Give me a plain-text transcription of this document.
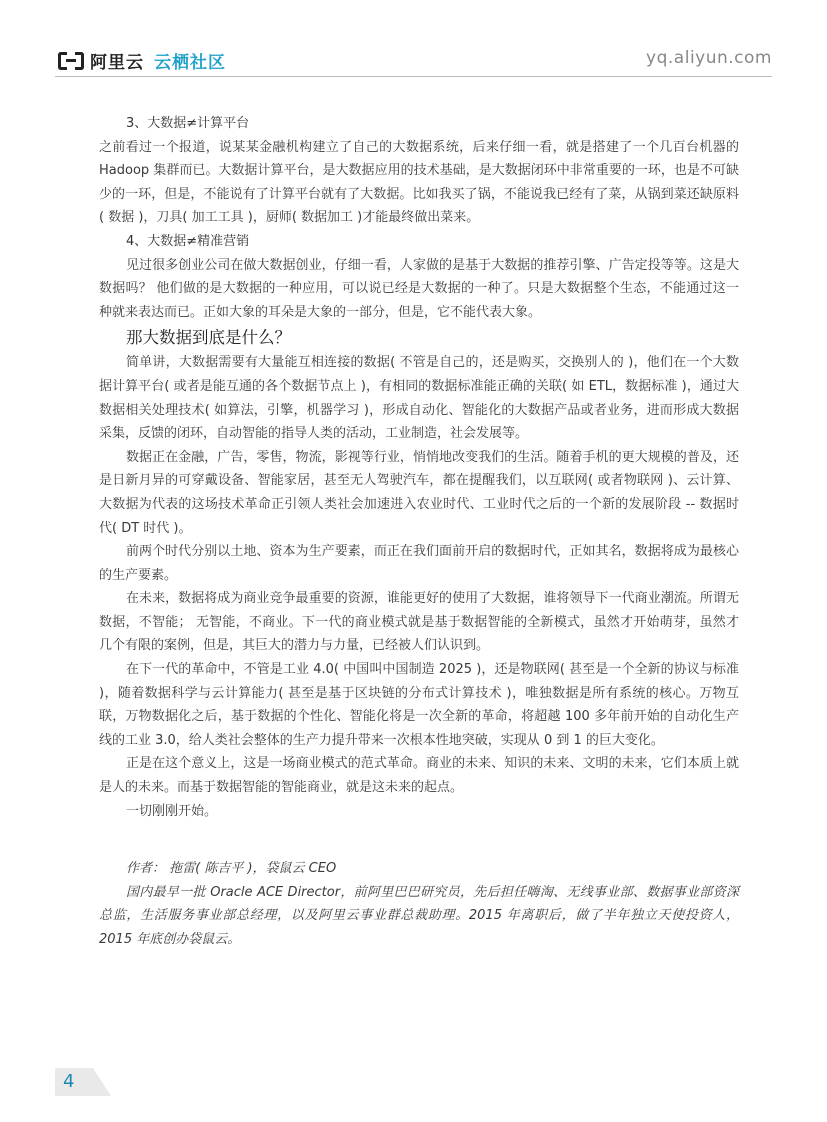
阿里云 云栖社区	yq.aliyun.com

3、大数据≠计算平台

之前看过一个报道，说某某金融机构建立了自己的大数据系统，后来仔细一看，就是搭建了一个几百台机器的 Hadoop 集群而已。大数据计算平台，是大数据应用的技术基础，是大数据闭环中非常重要的一环，也是不可缺少的一环，但是，不能说有了计算平台就有了大数据。比如我买了锅，不能说我已经有了菜，从锅到菜还缺原料( 数据 )，刀具( 加工工具 )，厨师( 数据加工 )才能最终做出菜来。

4、大数据≠精准营销

见过很多创业公司在做大数据创业，仔细一看，人家做的是基于大数据的推荐引擎、广告定投等等。这是大数据吗？ 他们做的是大数据的一种应用，可以说已经是大数据的一种了。只是大数据整个生态，不能通过这一种就来表达而已。正如大象的耳朵是大象的一部分，但是，它不能代表大象。

那大数据到底是什么？

简单讲，大数据需要有大量能互相连接的数据( 不管是自己的，还是购买，交换别人的 )，他们在一个大数据计算平台( 或者是能互通的各个数据节点上 )，有相同的数据标准能正确的关联( 如 ETL，数据标准 )，通过大数据相关处理技术( 如算法，引擎，机器学习 )，形成自动化、智能化的大数据产品或者业务，进而形成大数据采集，反馈的闭环，自动智能的指导人类的活动，工业制造，社会发展等。

数据正在金融，广告，零售，物流，影视等行业，悄悄地改变我们的生活。随着手机的更大规模的普及，还是日新月异的可穿戴设备、智能家居，甚至无人驾驶汽车，都在提醒我们，以互联网( 或者物联网 )、云计算、大数据为代表的这场技术革命正引领人类社会加速进入农业时代、工业时代之后的一个新的发展阶段 -- 数据时代( DT 时代 )。

前两个时代分别以土地、资本为生产要素，而正在我们面前开启的数据时代，正如其名，数据将成为最核心的生产要素。

在未来，数据将成为商业竞争最重要的资源，谁能更好的使用了大数据，谁将领导下一代商业潮流。所谓无数据，不智能； 无智能，不商业。下一代的商业模式就是基于数据智能的全新模式，虽然才开始萌芽，虽然才几个有限的案例，但是，其巨大的潜力与力量，已经被人们认识到。

在下一代的革命中，不管是工业 4.0( 中国叫中国制造 2025 )，还是物联网( 甚至是一个全新的协议与标准 )，随着数据科学与云计算能力( 甚至是基于区块链的分布式计算技术 )，唯独数据是所有系统的核心。万物互联，万物数据化之后，基于数据的个性化、智能化将是一次全新的革命，将超越 100 多年前开始的自动化生产线的工业 3.0，给人类社会整体的生产力提升带来一次根本性地突破，实现从 0 到 1 的巨大变化。

正是在这个意义上，这是一场商业模式的范式革命。商业的未来、知识的未来、文明的未来，它们本质上就是人的未来。而基于数据智能的智能商业，就是这未来的起点。

一切刚刚开始。

作者： 拖雷( 陈吉平 )，袋鼠云 CEO

国内最早一批 Oracle ACE Director，前阿里巴巴研究员，先后担任嗨淘、无线事业部、数据事业部资深总监，生活服务事业部总经理，以及阿里云事业群总裁助理。2015 年离职后，做了半年独立天使投资人，2015 年底创办袋鼠云。

4
